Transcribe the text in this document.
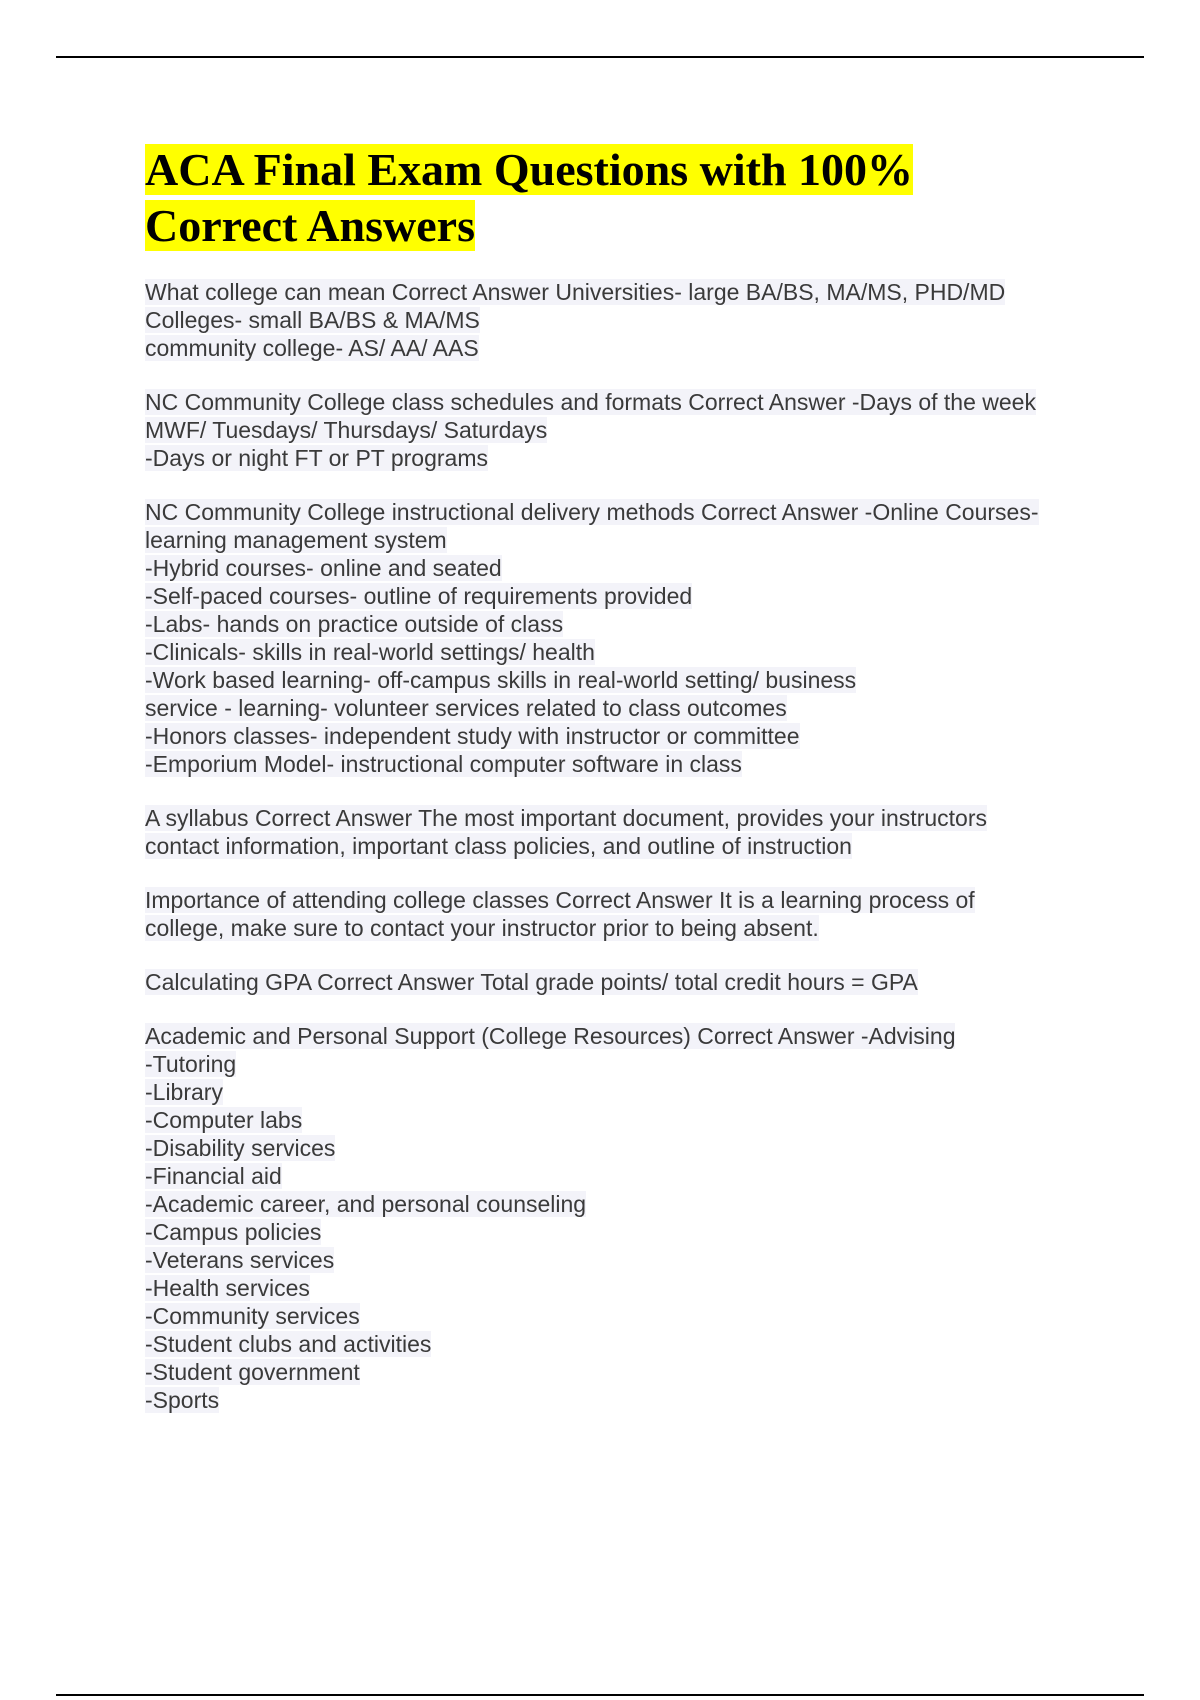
ACA Final Exam Questions with 100%
Correct Answers
What college can mean Correct Answer Universities- large BA/BS, MA/MS, PHD/MD
Colleges- small BA/BS & MA/MS
community college- AS/ AA/ AAS
NC Community College class schedules and formats Correct Answer -Days of the week
MWF/ Tuesdays/ Thursdays/ Saturdays
-Days or night FT or PT programs
NC Community College instructional delivery methods Correct Answer -Online Courses-
learning management system
-Hybrid courses- online and seated
-Self-paced courses- outline of requirements provided
-Labs- hands on practice outside of class
-Clinicals- skills in real-world settings/ health
-Work based learning- off-campus skills in real-world setting/ business
service - learning- volunteer services related to class outcomes
-Honors classes- independent study with instructor or committee
-Emporium Model- instructional computer software in class
A syllabus Correct Answer The most important document, provides your instructors
contact information, important class policies, and outline of instruction
Importance of attending college classes Correct Answer It is a learning process of
college, make sure to contact your instructor prior to being absent.
Calculating GPA Correct Answer Total grade points/ total credit hours = GPA
Academic and Personal Support (College Resources) Correct Answer -Advising
-Tutoring
-Library
-Computer labs
-Disability services
-Financial aid
-Academic career, and personal counseling
-Campus policies
-Veterans services
-Health services
-Community services
-Student clubs and activities
-Student government
-Sports
